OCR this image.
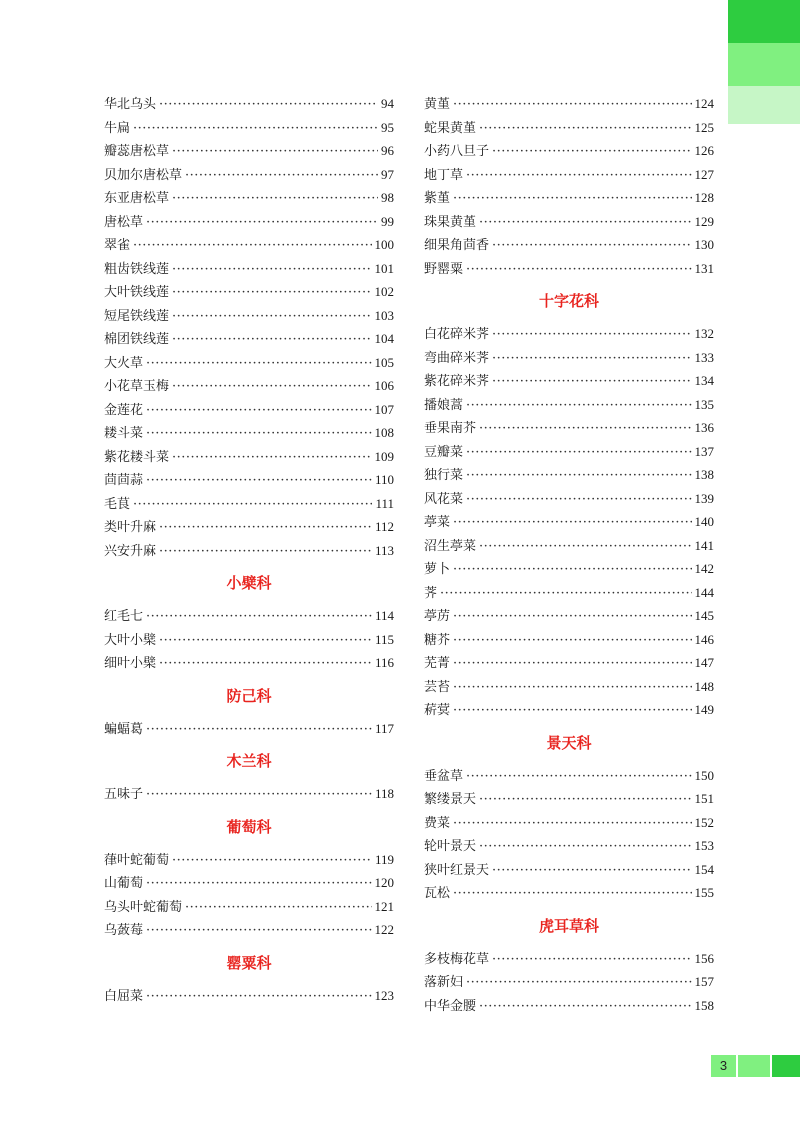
华北乌头 ·····	94
牛扁 ·····	95
瓣蕊唐松草 ·····	96
贝加尔唐松草 ·····	97
东亚唐松草 ·····	98
唐松草 ·····	99
翠雀 ·····	100
粗齿铁线莲 ·····	101
大叶铁线莲 ·····	102
短尾铁线莲 ·····	103
棉团铁线莲 ·····	104
大火草 ·····	105
小花草玉梅 ·····	106
金莲花 ·····	107
耧斗菜 ·····	108
紫花耧斗菜 ·····	109
茴茴蒜 ·····	110
毛茛 ·····	111
类叶升麻 ·····	112
兴安升麻 ·····	113
小檗科
红毛七 ·····	114
大叶小檗 ·····	115
细叶小檗 ·····	116
防己科
蝙蝠葛 ·····	117
木兰科
五味子 ·····	118
葡萄科
葎叶蛇葡萄 ·····	119
山葡萄 ·····	120
乌头叶蛇葡萄 ·····	121
乌蔹莓 ·····	122
罂粟科
白屈菜 ·····	123
黄堇 ·····	124
蛇果黄堇 ·····	125
小药八旦子 ·····	126
地丁草 ·····	127
紫堇 ·····	128
珠果黄堇 ·····	129
细果角茴香 ·····	130
野罂粟 ·····	131
十字花科
白花碎米荠 ·····	132
弯曲碎米荠 ·····	133
紫花碎米荠 ·····	134
播娘蒿 ·····	135
垂果南芥 ·····	136
豆瓣菜 ·····	137
独行菜 ·····	138
风花菜 ·····	139
葶菜 ·····	140
沼生葶菜 ·····	141
萝卜 ·····	142
荠 ·····	144
葶苈 ·····	145
糖芥 ·····	146
芜菁 ·····	147
芸苔 ·····	148
菥蓂 ·····	149
景天科
垂盆草 ·····	150
繁缕景天 ·····	151
费菜 ·····	152
轮叶景天 ·····	153
狭叶红景天 ·····	154
瓦松 ·····	155
虎耳草科
多枝梅花草 ·····	156
落新妇 ·····	157
中华金腰 ·····	158
3
